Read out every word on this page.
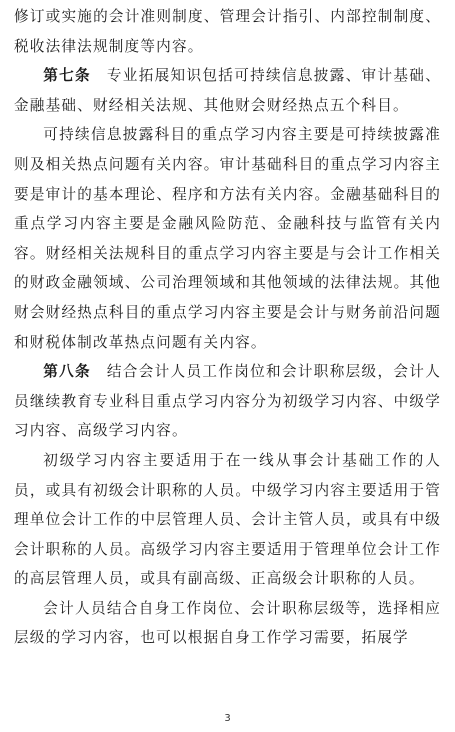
修订或实施的会计准则制度、管理会计指引、内部控制制度、税收法律法规制度等内容。

第七条　专业拓展知识包括可持续信息披露、审计基础、金融基础、财经相关法规、其他财会财经热点五个科目。

可持续信息披露科目的重点学习内容主要是可持续披露准则及相关热点问题有关内容。审计基础科目的重点学习内容主要是审计的基本理论、程序和方法有关内容。金融基础科目的重点学习内容主要是金融风险防范、金融科技与监管有关内容。财经相关法规科目的重点学习内容主要是与会计工作相关的财政金融领域、公司治理领域和其他领域的法律法规。其他财会财经热点科目的重点学习内容主要是会计与财务前沿问题和财税体制改革热点问题有关内容。

第八条　结合会计人员工作岗位和会计职称层级，会计人员继续教育专业科目重点学习内容分为初级学习内容、中级学习内容、高级学习内容。

初级学习内容主要适用于在一线从事会计基础工作的人员，或具有初级会计职称的人员。中级学习内容主要适用于管理单位会计工作的中层管理人员、会计主管人员，或具有中级会计职称的人员。高级学习内容主要适用于管理单位会计工作的高层管理人员，或具有副高级、正高级会计职称的人员。

会计人员结合自身工作岗位、会计职称层级等，选择相应层级的学习内容，也可以根据自身工作学习需要，拓展学

3
